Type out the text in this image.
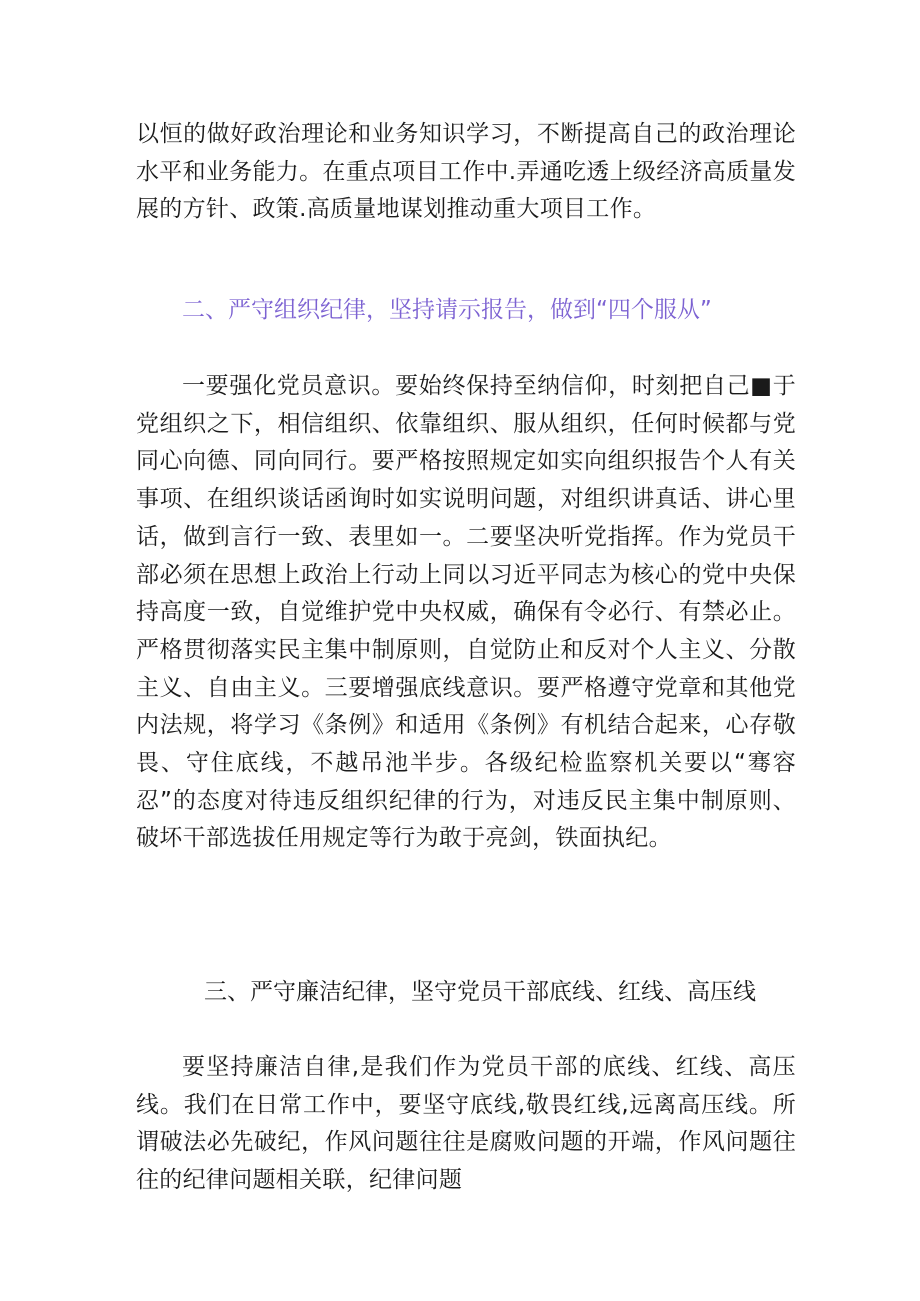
以恒的做好政治理论和业务知识学习，不断提高自己的政治理论水平和业务能力。在重点项目工作中.弄通吃透上级经济高质量发展的方针、政策.高质量地谋划推动重大项目工作。

二、严守组织纪律，坚持请示报告，做到“四个服从”

一要强化党员意识。要始终保持至纳信仰，时刻把自己■于党组织之下，相信组织、依靠组织、服从组织，任何时候都与党同心向德、同向同行。要严格按照规定如实向组织报告个人有关事项、在组织谈话函询时如实说明问题，对组织讲真话、讲心里话，做到言行一致、表里如一。二要坚决听党指挥。作为党员干部必须在思想上政治上行动上同以习近平同志为核心的党中央保持高度一致，自觉维护党中央权威，确保有令必行、有禁必止。严格贯彻落实民主集中制原则，自觉防止和反对个人主义、分散主义、自由主义。三要增强底线意识。要严格遵守党章和其他党内法规，将学习《条例》和适用《条例》有机结合起来，心存敬畏、守住底线，不越吊池半步。各级纪检监察机关要以“骞容忍”的态度对待违反组织纪律的行为，对违反民主集中制原则、破坏干部选拔任用规定等行为敢于亮剑，铁面执纪。

三、严守廉洁纪律，坚守党员干部底线、红线、高压线

要坚持廉洁自律,是我们作为党员干部的底线、红线、高压线。我们在日常工作中，要坚守底线,敬畏红线,远离高压线。所谓破法必先破纪，作风问题往往是腐败问题的开端，作风问题往往的纪律问题相关联，纪律问题
